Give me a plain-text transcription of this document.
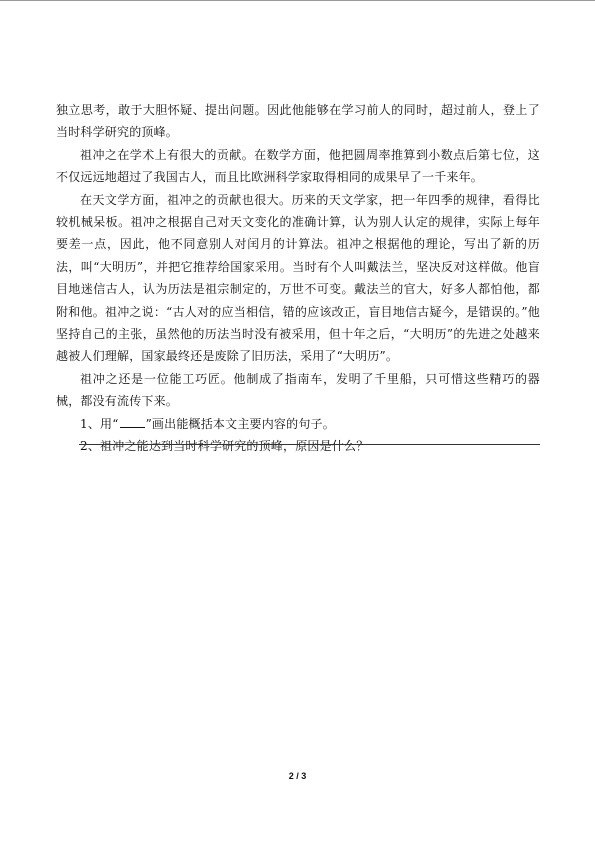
独立思考，敢于大胆怀疑、提出问题。因此他能够在学习前人的同时，超过前人，登上了当时科学研究的顶峰。

祖冲之在学术上有很大的贡献。在数学方面，他把圆周率推算到小数点后第七位，这不仅远远地超过了我国古人，而且比欧洲科学家取得相同的成果早了一千来年。

在天文学方面，祖冲之的贡献也很大。历来的天文学家，把一年四季的规律，看得比较机械呆板。祖冲之根据自己对天文变化的准确计算，认为别人认定的规律，实际上每年要差一点，因此，他不同意别人对闰月的计算法。祖冲之根据他的理论，写出了新的历法，叫“大明历”，并把它推荐给国家采用。当时有个人叫戴法兰，坚决反对这样做。他盲目地迷信古人，认为历法是祖宗制定的，万世不可变。戴法兰的官大，好多人都怕他，都附和他。祖冲之说：“古人对的应当相信，错的应该改正，盲目地信古疑今，是错误的。”他坚持自己的主张，虽然他的历法当时没有被采用，但十年之后，“大明历”的先进之处越来越被人们理解，国家最终还是废除了旧历法，采用了“大明历”。

祖冲之还是一位能工巧匠。他制成了指南车，发明了千里船，只可惜这些精巧的器械，都没有流传下来。

1、用“ ”画出能概括本文主要内容的句子。

2、祖冲之能达到当时科学研究的顶峰，原因是什么？

2 / 3
